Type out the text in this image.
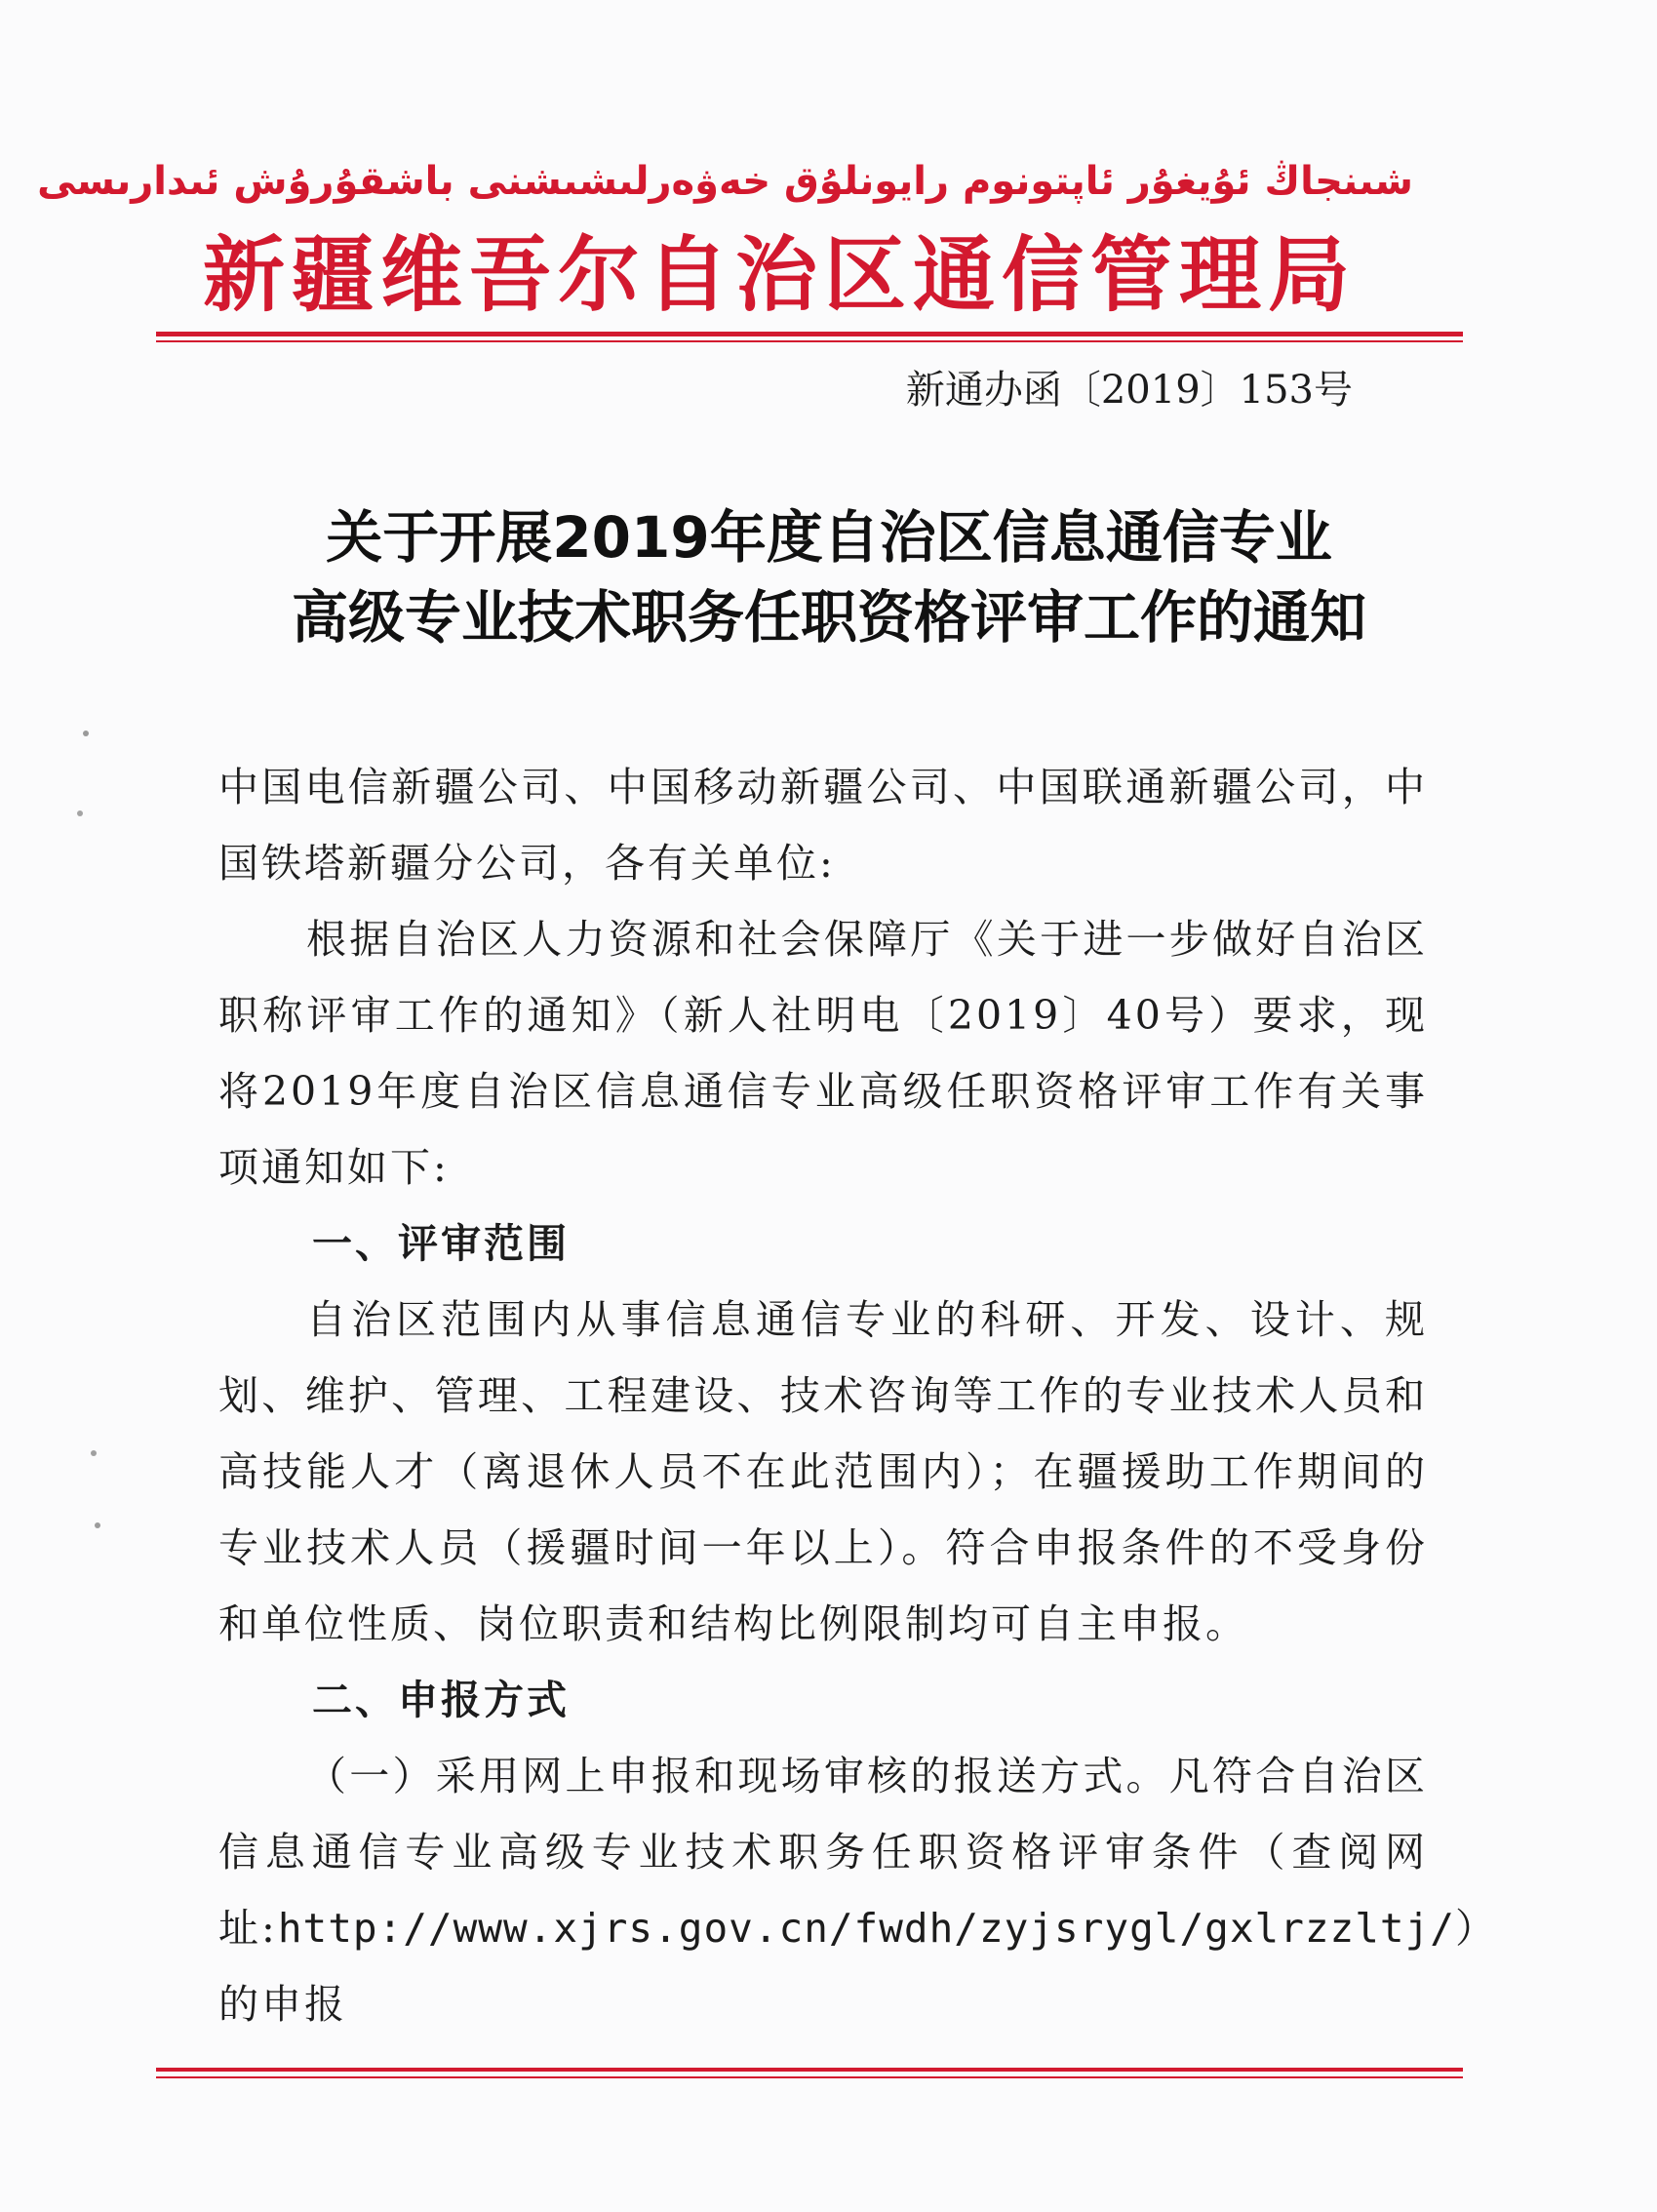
شىنجاڭ ئۇيغۇر ئاپتونوم رايونلۇق خەۋەرلىشىشنى باشقۇرۇش ئىدارىسى
新疆维吾尔自治区通信管理局
新通办函〔2019〕153号
关于开展2019年度自治区信息通信专业
高级专业技术职务任职资格评审工作的通知

中国电信新疆公司、中国移动新疆公司、中国联通新疆公司，中国铁塔新疆分公司，各有关单位:

根据自治区人力资源和社会保障厅《关于进一步做好自治区职称评审工作的通知》（新人社明电〔2019〕40号）要求，现将2019年度自治区信息通信专业高级任职资格评审工作有关事项通知如下:

一、评审范围

自治区范围内从事信息通信专业的科研、开发、设计、规划、维护、管理、工程建设、技术咨询等工作的专业技术人员和高技能人才（离退休人员不在此范围内）；在疆援助工作期间的专业技术人员（援疆时间一年以上）。符合申报条件的不受身份和单位性质、岗位职责和结构比例限制均可自主申报。

二、申报方式

（一）采用网上申报和现场审核的报送方式。凡符合自治区信息通信专业高级专业技术职务任职资格评审条件（查阅网址:http://www.xjrs.gov.cn/fwdh/zyjsrygl/gxlrzzltj/）的申报
